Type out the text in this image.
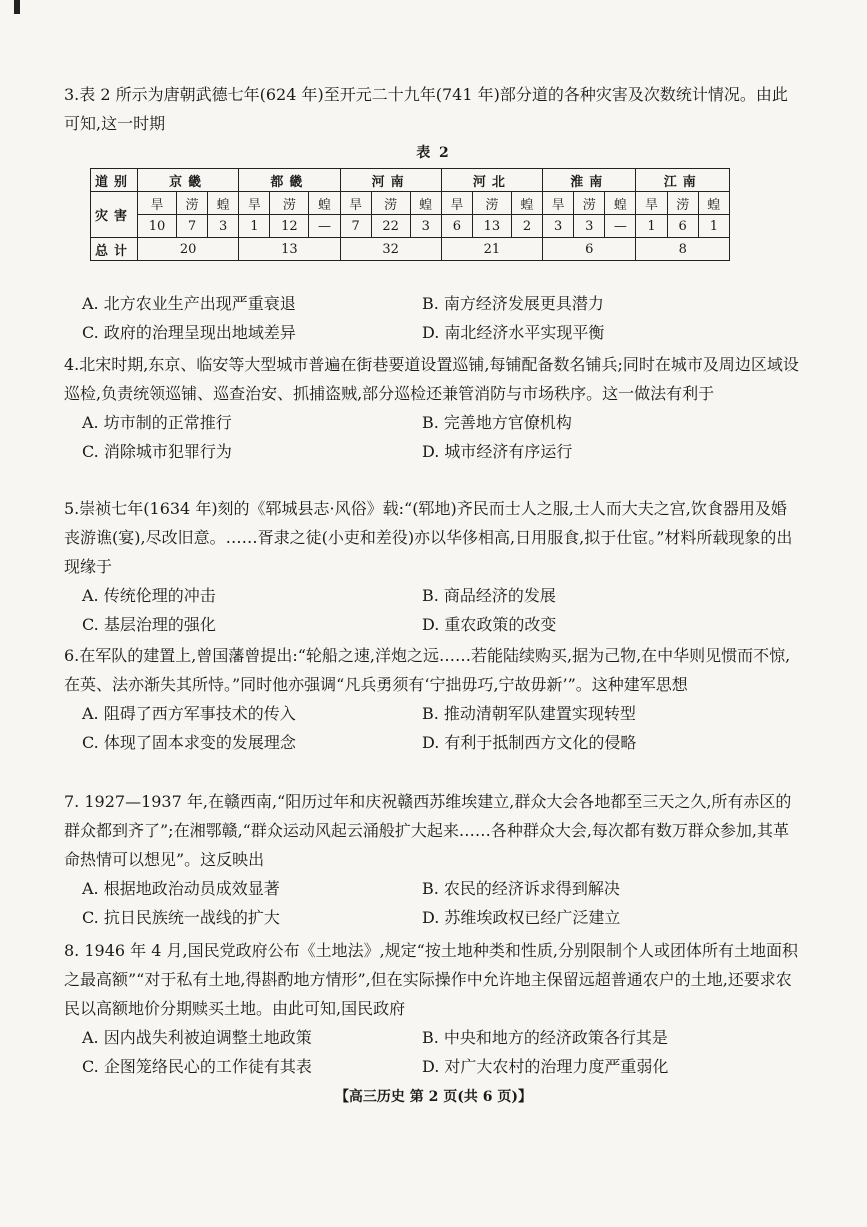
3.表 2 所示为唐朝武德七年(624 年)至开元二十九年(741 年)部分道的各种灾害及次数统计情况。由此可知,这一时期

表 2
道别	京畿			都畿			河南			河北			淮南			江南		
灾害	旱	涝	蝗	旱	涝	蝗	旱	涝	蝗	旱	涝	蝗	旱	涝	蝗	旱	涝	蝗
	10	7	3	1	12	—	7	22	3	6	13	2	3	3	—	1	6	1
总计	20			13			32			21			6			8		
A. 北方农业生产出现严重衰退	B. 南方经济发展更具潜力
C. 政府的治理呈现出地域差异	D. 南北经济水平实现平衡

4.北宋时期,东京、临安等大型城市普遍在街巷要道设置巡铺,每铺配备数名铺兵;同时在城市及周边区域设巡检,负责统领巡铺、巡查治安、抓捕盗贼,部分巡检还兼管消防与市场秩序。这一做法有利于

A. 坊市制的正常推行	B. 完善地方官僚机构
C. 消除城市犯罪行为	D. 城市经济有序运行

5.崇祯七年(1634 年)刻的《郓城县志·风俗》载:“(郓地)齐民而士人之服,士人而大夫之宫,饮食器用及婚丧游谯(宴),尽改旧意。……胥隶之徒(小吏和差役)亦以华侈相高,日用服食,拟于仕宦。”材料所载现象的出现缘于

A. 传统伦理的冲击	B. 商品经济的发展
C. 基层治理的强化	D. 重农政策的改变

6.在军队的建置上,曾国藩曾提出:“轮船之速,洋炮之远……若能陆续购买,据为己物,在中华则见惯而不惊,在英、法亦渐失其所恃。”同时他亦强调“凡兵勇须有‘宁拙毋巧,宁故毋新’”。这种建军思想

A. 阻碍了西方军事技术的传入	B. 推动清朝军队建置实现转型
C. 体现了固本求变的发展理念	D. 有利于抵制西方文化的侵略

7. 1927—1937 年,在赣西南,“阳历过年和庆祝赣西苏维埃建立,群众大会各地都至三天之久,所有赤区的群众都到齐了”;在湘鄂赣,“群众运动风起云涌般扩大起来……各种群众大会,每次都有数万群众参加,其革命热情可以想见”。这反映出

A. 根据地政治动员成效显著	B. 农民的经济诉求得到解决
C. 抗日民族统一战线的扩大	D. 苏维埃政权已经广泛建立

8. 1946 年 4 月,国民党政府公布《土地法》,规定“按土地种类和性质,分别限制个人或团体所有土地面积之最高额”“对于私有土地,得斟酌地方情形”,但在实际操作中允许地主保留远超普通农户的土地,还要求农民以高额地价分期赎买土地。由此可知,国民政府

A. 因内战失利被迫调整土地政策	B. 中央和地方的经济政策各行其是
C. 企图笼络民心的工作徒有其表	D. 对广大农村的治理力度严重弱化
【高三历史 第 2 页(共 6 页)】
